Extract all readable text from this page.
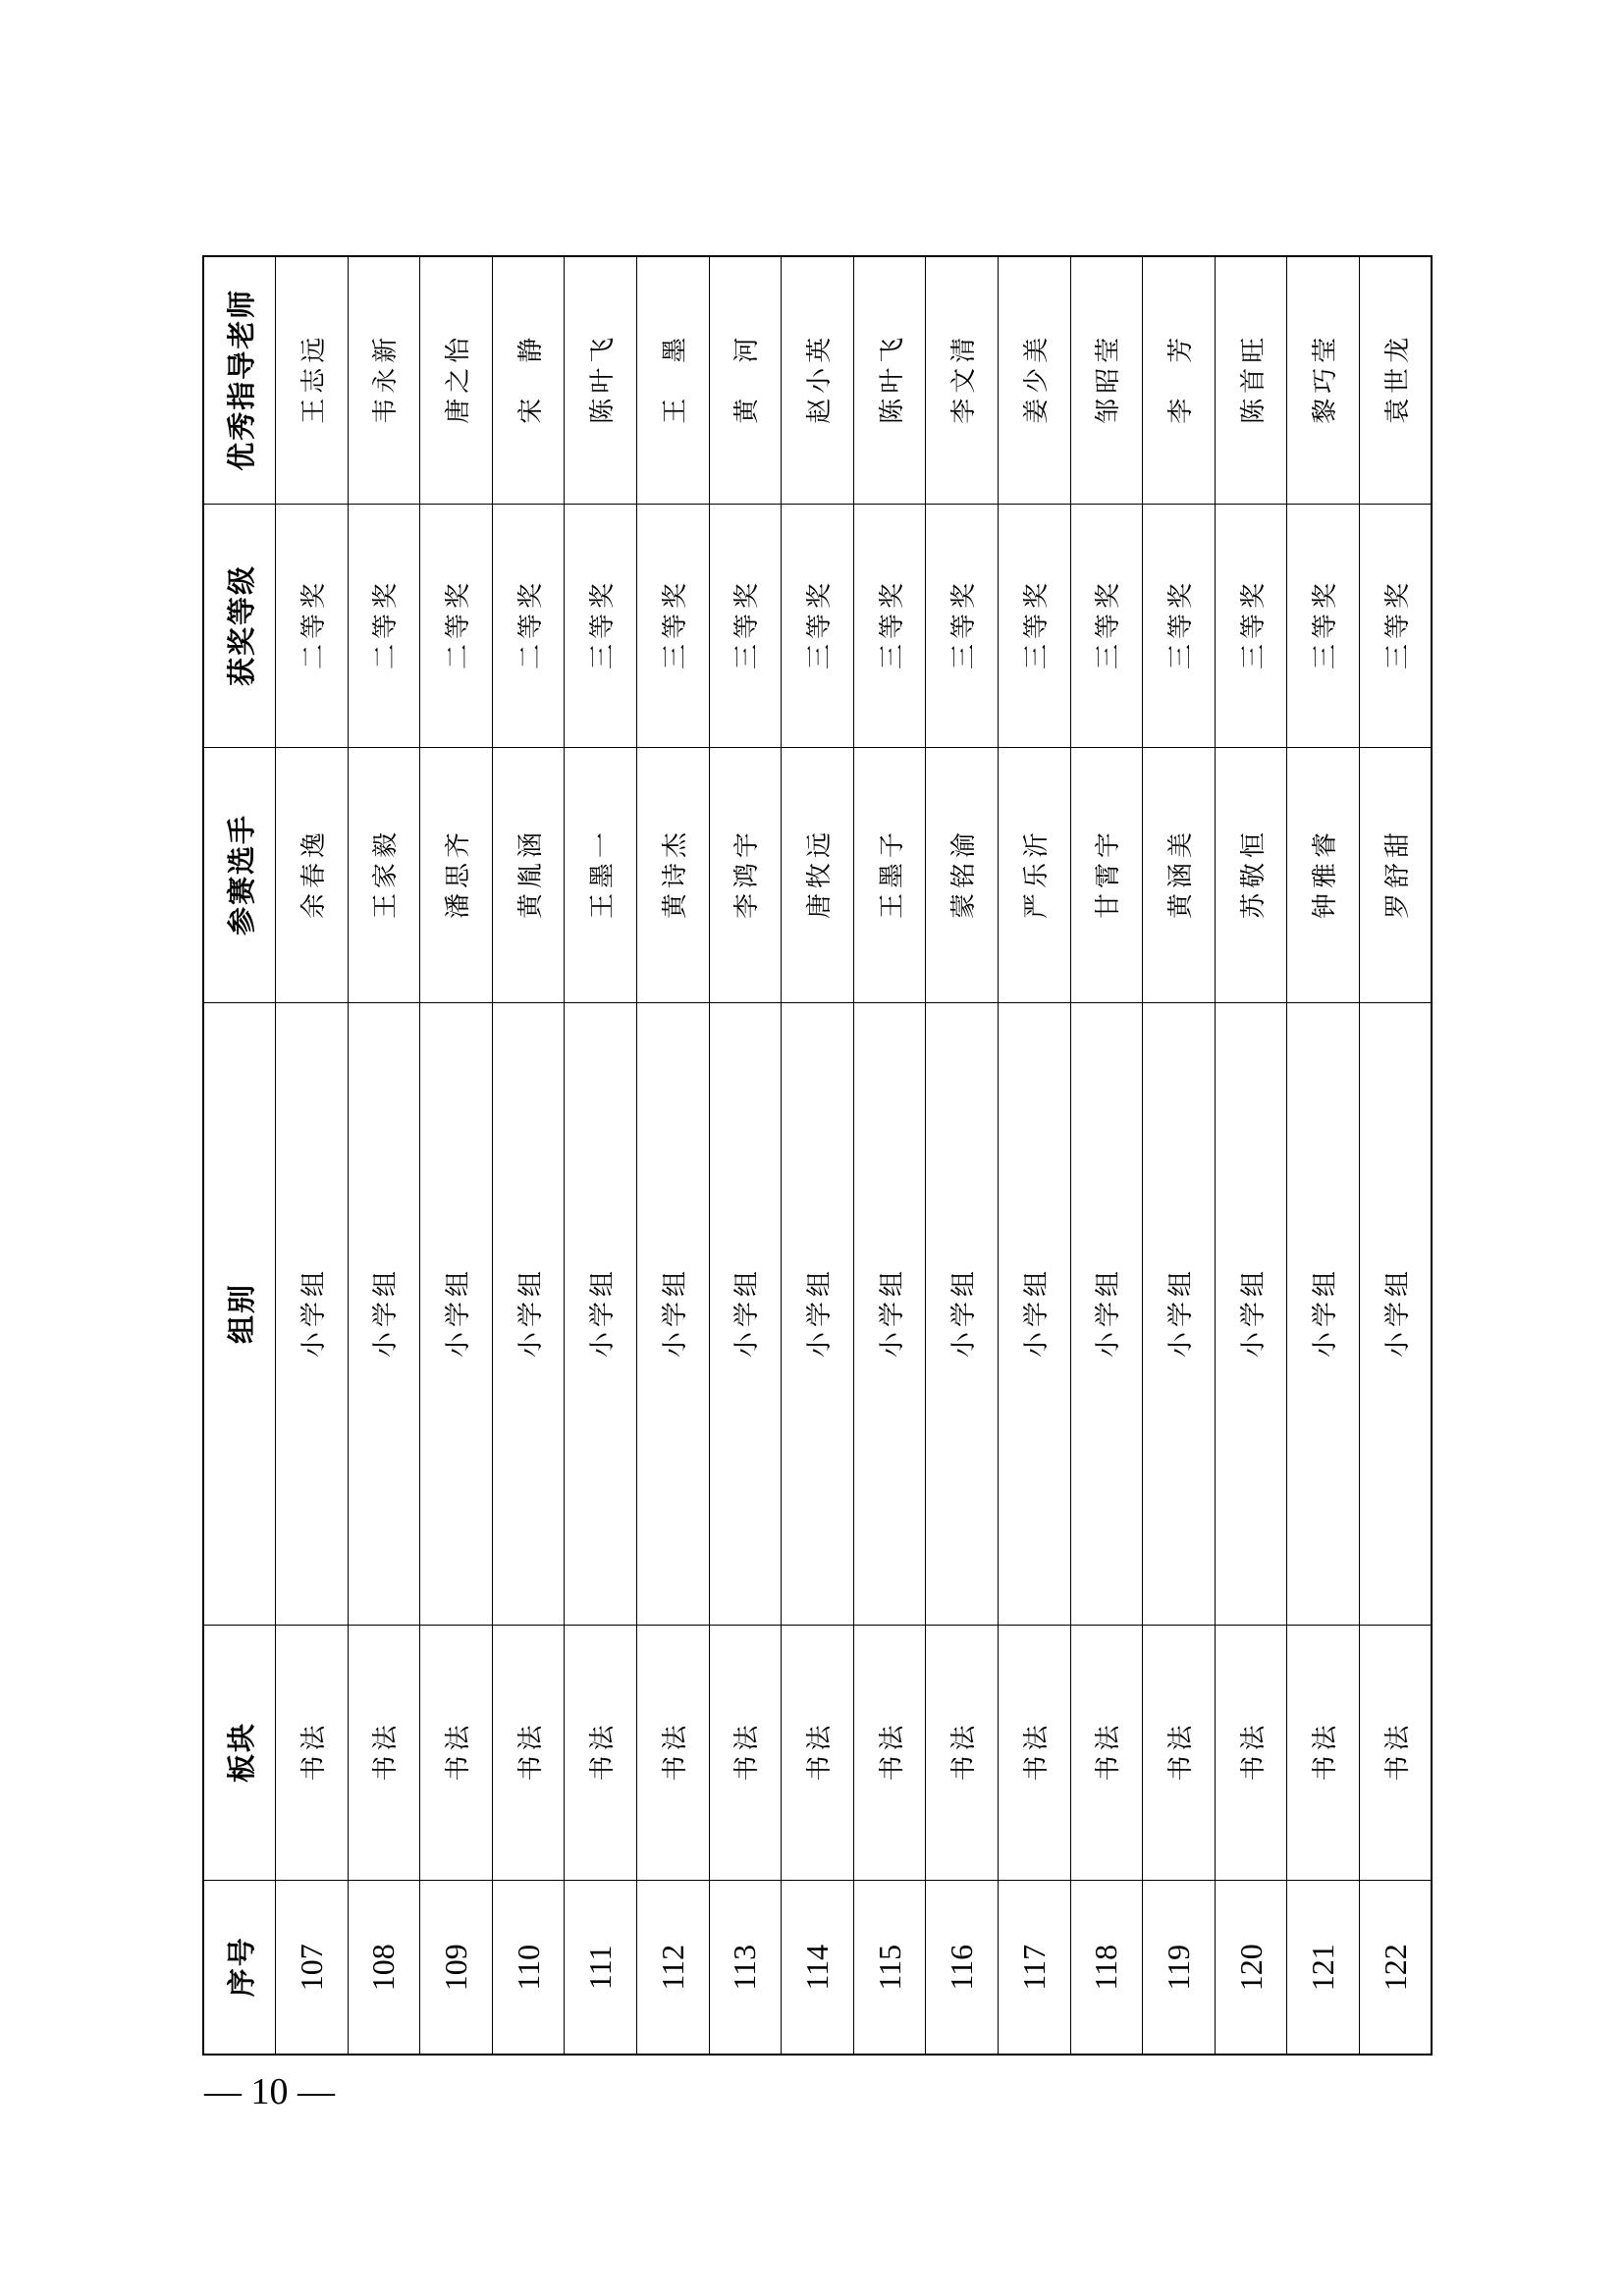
序号	板块	组别	参赛选手	获奖等级	优秀指导老师
107	书法	小学组	余春逸	二等奖	王志远
108	书法	小学组	王家毅	二等奖	韦永新
109	书法	小学组	潘思齐	二等奖	唐之怡
110	书法	小学组	黄胤涵	二等奖	宋　静
111	书法	小学组	王墨一	三等奖	陈叶飞
112	书法	小学组	黄诗杰	三等奖	王　墨
113	书法	小学组	李鸿宇	三等奖	黄　河
114	书法	小学组	唐牧远	三等奖	赵小英
115	书法	小学组	王墨子	三等奖	陈叶飞
116	书法	小学组	蒙铭渝	三等奖	李文清
117	书法	小学组	严乐沂	三等奖	姜少美
118	书法	小学组	甘霄宇	三等奖	邹昭莹
119	书法	小学组	黄涵美	三等奖	李　芳
120	书法	小学组	苏敬恒	三等奖	陈首旺
121	书法	小学组	钟雅睿	三等奖	黎巧莹
122	书法	小学组	罗舒甜	三等奖	袁世龙
— 10 —
